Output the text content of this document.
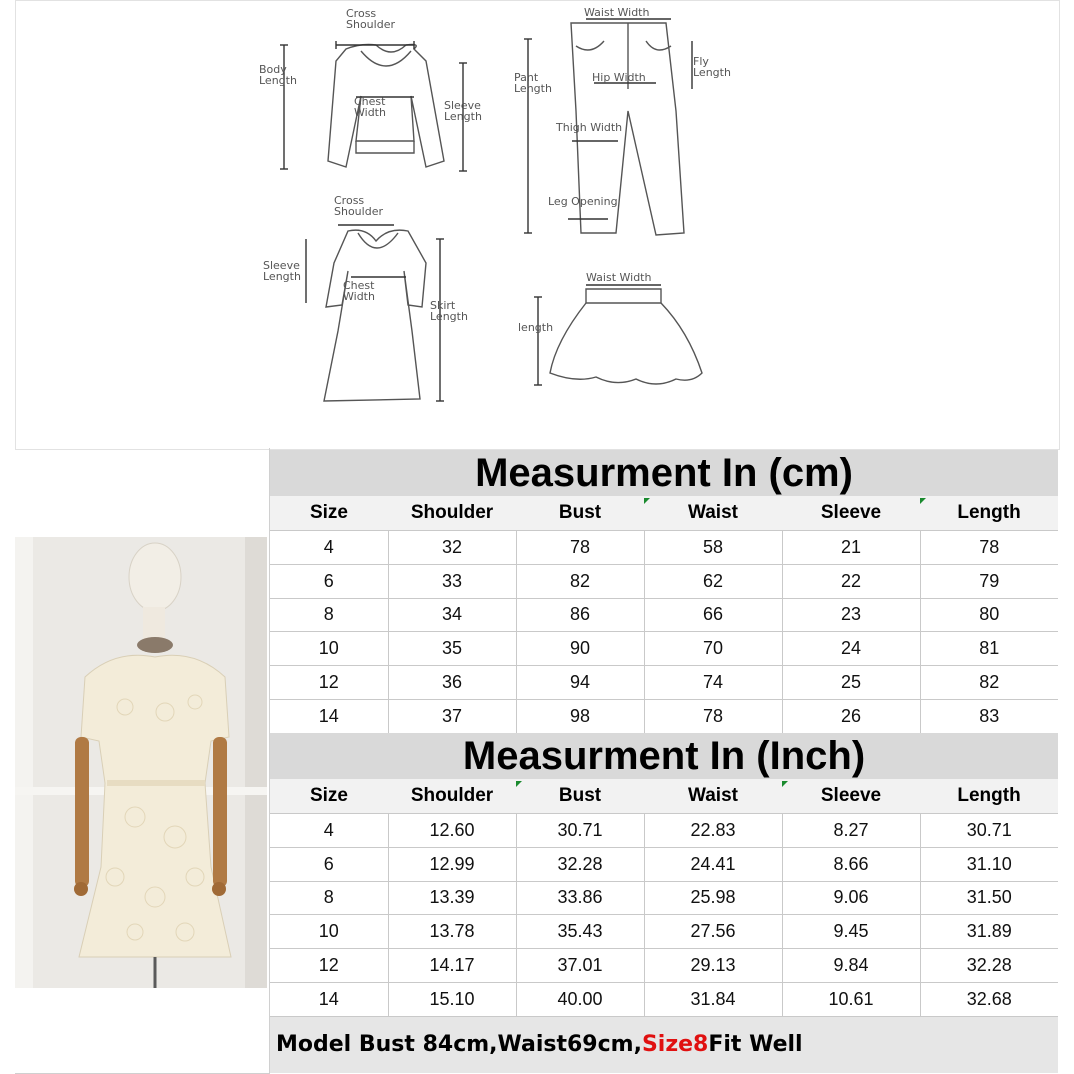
Cross Shoulder
Body Length
Chest Width
Sleeve Length
Waist Width
Pant Length
Fly Length
Hip Width
Thigh Width
Leg Opening
Cross Shoulder
Sleeve Length
Chest Width
Skirt Length
Waist Width
length
Measurment In (cm)					
Size	Shoulder	Bust	Waist	Sleeve	Length
4	32	78	58	21	78
6	33	82	62	22	79
8	34	86	66	23	80
10	35	90	70	24	81
12	36	94	74	25	82
14	37	98	78	26	83
Measurment In (Inch)					
Size	Shoulder	Bust	Waist	Sleeve	Length
4	12.60	30.71	22.83	8.27	30.71
6	12.99	32.28	24.41	8.66	31.10
8	13.39	33.86	25.98	9.06	31.50
10	13.78	35.43	27.56	9.45	31.89
12	14.17	37.01	29.13	9.84	32.28
14	15.10	40.00	31.84	10.61	32.68
Model Bust 84cm,Waist69cm,Size8Fit Well
